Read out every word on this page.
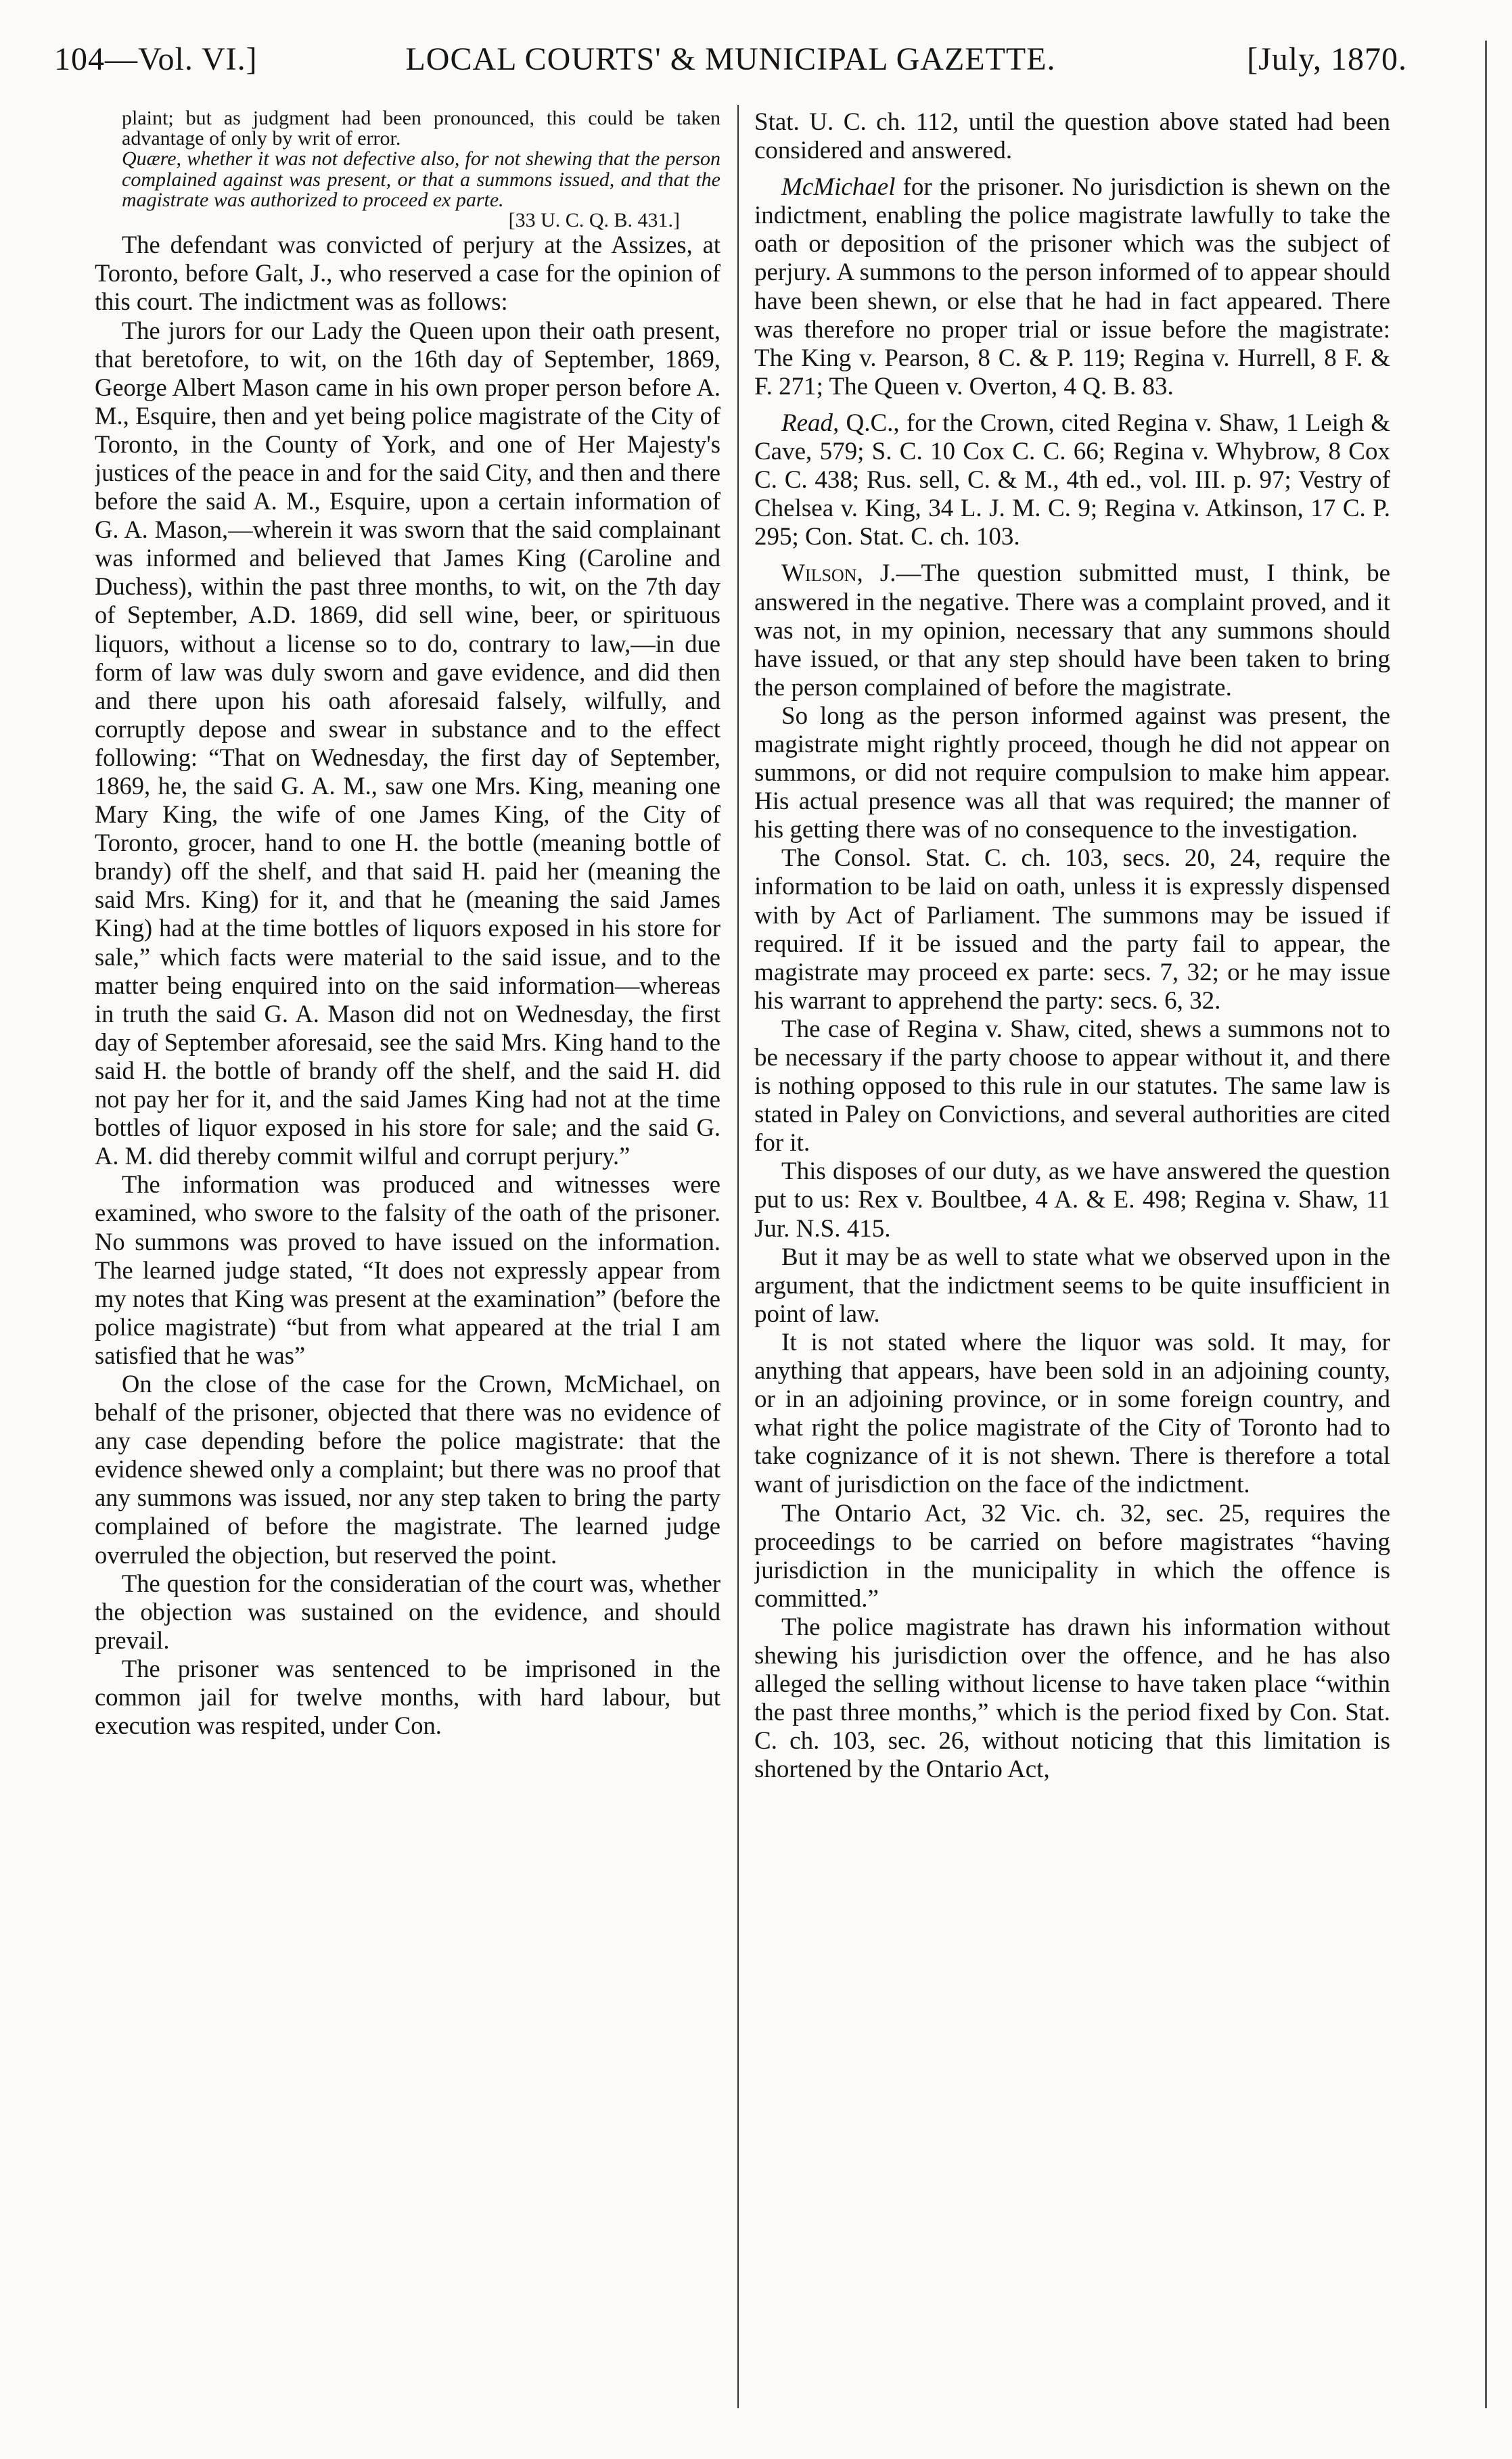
104—Vol. VI.]	LOCAL COURTS' & MUNICIPAL GAZETTE.	[July, 1870.

plaint; but as judgment had been pronounced, this could be taken advantage of only by writ of error.

Quære, whether it was not defective also, for not shewing that the person complained against was present, or that a summons issued, and that the magistrate was authorized to proceed ex parte.

[33 U. C. Q. B. 431.]

The defendant was convicted of perjury at the Assizes, at Toronto, before Galt, J., who reserved a case for the opinion of this court. The indictment was as follows:

The jurors for our Lady the Queen upon their oath present, that beretofore, to wit, on the 16th day of September, 1869, George Albert Mason came in his own proper person before A. M., Esquire, then and yet being police magistrate of the City of Toronto, in the County of York, and one of Her Majesty's justices of the peace in and for the said City, and then and there before the said A. M., Esquire, upon a certain information of G. A. Mason,—wherein it was sworn that the said complainant was informed and believed that James King (Caroline and Duchess), within the past three months, to wit, on the 7th day of September, A.D. 1869, did sell wine, beer, or spirituous liquors, without a license so to do, contrary to law,—in due form of law was duly sworn and gave evidence, and did then and there upon his oath aforesaid falsely, wilfully, and corruptly depose and swear in substance and to the effect following: “That on Wednesday, the first day of September, 1869, he, the said G. A. M., saw one Mrs. King, meaning one Mary King, the wife of one James King, of the City of Toronto, grocer, hand to one H. the bottle (meaning bottle of brandy) off the shelf, and that said H. paid her (meaning the said Mrs. King) for it, and that he (meaning the said James King) had at the time bottles of liquors exposed in his store for sale,” which facts were material to the said issue, and to the matter being enquired into on the said information—whereas in truth the said G. A. Mason did not on Wednesday, the first day of September aforesaid, see the said Mrs. King hand to the said H. the bottle of brandy off the shelf, and the said H. did not pay her for it, and the said James King had not at the time bottles of liquor exposed in his store for sale; and the said G. A. M. did thereby commit wilful and corrupt perjury.”

The information was produced and witnesses were examined, who swore to the falsity of the oath of the prisoner. No summons was proved to have issued on the information. The learned judge stated, “It does not expressly appear from my notes that King was present at the examination” (before the police magistrate) “but from what appeared at the trial I am satisfied that he was”

On the close of the case for the Crown, McMichael, on behalf of the prisoner, objected that there was no evidence of any case depending before the police magistrate: that the evidence shewed only a complaint; but there was no proof that any summons was issued, nor any step taken to bring the party complained of before the magistrate. The learned judge overruled the objection, but reserved the point.

The question for the consideratian of the court was, whether the objection was sustained on the evidence, and should prevail.

The prisoner was sentenced to be imprisoned in the common jail for twelve months, with hard labour, but execution was respited, under Con.

Stat. U. C. ch. 112, until the question above stated had been considered and answered.

McMichael for the prisoner. No jurisdiction is shewn on the indictment, enabling the police magistrate lawfully to take the oath or deposition of the prisoner which was the subject of perjury. A summons to the person informed of to appear should have been shewn, or else that he had in fact appeared. There was therefore no proper trial or issue before the magistrate: The King v. Pearson, 8 C. & P. 119; Regina v. Hurrell, 8 F. & F. 271; The Queen v. Overton, 4 Q. B. 83.

Read, Q.C., for the Crown, cited Regina v. Shaw, 1 Leigh & Cave, 579; S. C. 10 Cox C. C. 66; Regina v. Whybrow, 8 Cox C. C. 438; Rus. sell, C. & M., 4th ed., vol. III. p. 97; Vestry of Chelsea v. King, 34 L. J. M. C. 9; Regina v. Atkinson, 17 C. P. 295; Con. Stat. C. ch. 103.

Wilson, J.—The question submitted must, I think, be answered in the negative. There was a complaint proved, and it was not, in my opinion, necessary that any summons should have issued, or that any step should have been taken to bring the person complained of before the magistrate.

So long as the person informed against was present, the magistrate might rightly proceed, though he did not appear on summons, or did not require compulsion to make him appear. His actual presence was all that was required; the manner of his getting there was of no consequence to the investigation.

The Consol. Stat. C. ch. 103, secs. 20, 24, require the information to be laid on oath, unless it is expressly dispensed with by Act of Parliament. The summons may be issued if required. If it be issued and the party fail to appear, the magistrate may proceed ex parte: secs. 7, 32; or he may issue his warrant to apprehend the party: secs. 6, 32.

The case of Regina v. Shaw, cited, shews a summons not to be necessary if the party choose to appear without it, and there is nothing opposed to this rule in our statutes. The same law is stated in Paley on Convictions, and several authorities are cited for it.

This disposes of our duty, as we have answered the question put to us: Rex v. Boultbee, 4 A. & E. 498; Regina v. Shaw, 11 Jur. N.S. 415.

But it may be as well to state what we observed upon in the argument, that the indictment seems to be quite insufficient in point of law.

It is not stated where the liquor was sold. It may, for anything that appears, have been sold in an adjoining county, or in an adjoining province, or in some foreign country, and what right the police magistrate of the City of Toronto had to take cognizance of it is not shewn. There is therefore a total want of jurisdiction on the face of the indictment.

The Ontario Act, 32 Vic. ch. 32, sec. 25, requires the proceedings to be carried on before magistrates “having jurisdiction in the municipality in which the offence is committed.”

The police magistrate has drawn his information without shewing his jurisdiction over the offence, and he has also alleged the selling without license to have taken place “within the past three months,” which is the period fixed by Con. Stat. C. ch. 103, sec. 26, without noticing that this limitation is shortened by the Ontario Act,
